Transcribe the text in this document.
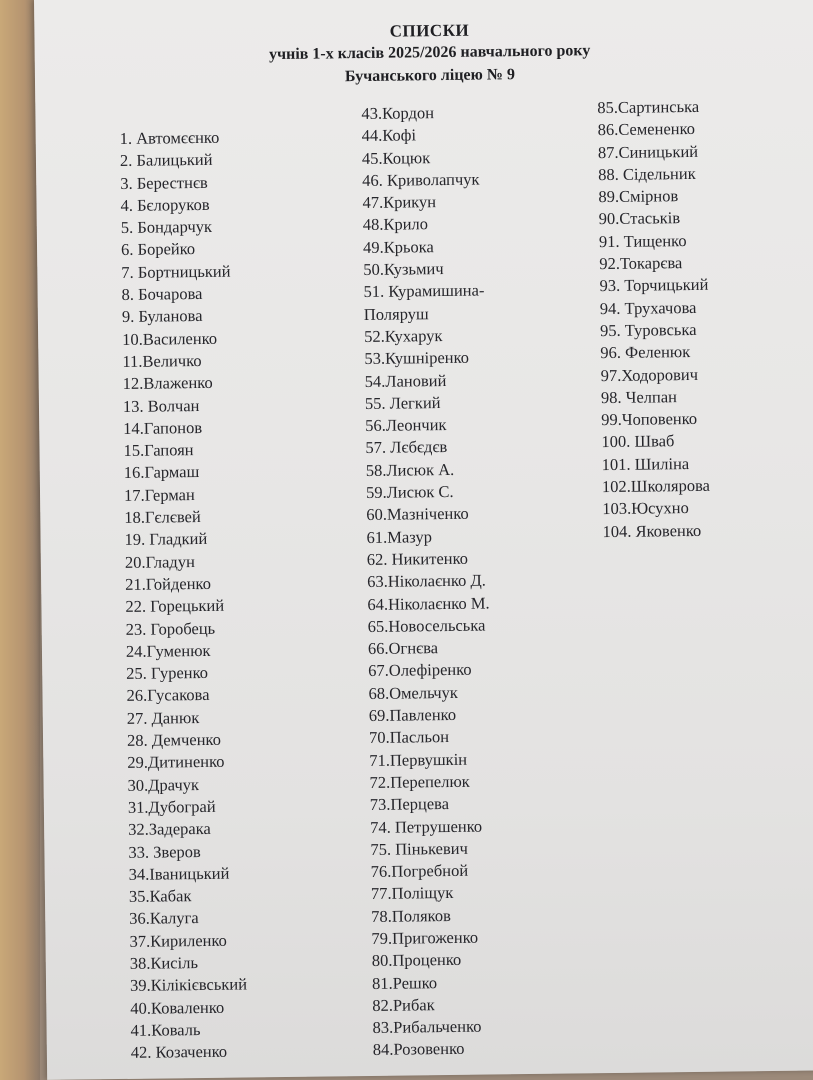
СПИСКИ
учнів 1-х класів 2025/2026 навчального року
Бучанського ліцею № 9
1. Автомєєнко
2. Балицький
3. Берестнєв
4. Бєлоруков
5. Бондарчук
6. Борейко
7. Бортницький
8. Бочарова
9. Буланова
10.Василенко
11.Величко
12.Влаженко
13. Волчан
14.Гапонов
15.Гапоян
16.Гармаш
17.Герман
18.Гєлєвей
19. Гладкий
20.Гладун
21.Гойденко
22. Горецький
23. Горобець
24.Гуменюк
25. Гуренко
26.Гусакова
27. Данюк
28. Демченко
29.Дитиненко
30.Драчук
31.Дубограй
32.Задерака
33. Зверов
34.Іваницький
35.Кабак
36.Калуга
37.Кириленко
38.Кисіль
39.Кілікієвський
40.Коваленко
41.Коваль
42. Козаченко
43.Кордон
44.Кофі
45.Коцюк
46. Криволапчук
47.Крикун
48.Крило
49.Крьока
50.Кузьмич
51. Курамишина-
Поляруш
52.Кухарук
53.Кушніренко
54.Лановий
55. Легкий
56.Леончик
57. Лєбєдєв
58.Лисюк А.
59.Лисюк С.
60.Мазніченко
61.Мазур
62. Никитенко
63.Ніколаєнко Д.
64.Ніколаєнко М.
65.Новосельська
66.Огнєва
67.Олефіренко
68.Омельчук
69.Павленко
70.Пасльон
71.Первушкін
72.Перепелюк
73.Перцева
74. Петрушенко
75. Пінькевич
76.Погребной
77.Поліщук
78.Поляков
79.Пригоженко
80.Проценко
81.Решко
82.Рибак
83.Рибальченко
84.Розовенко
85.Сартинська
86.Семененко
87.Синицький
88. Сідельник
89.Смірнов
90.Стаськів
91. Тищенко
92.Токарєва
93. Торчицький
94. Трухачова
95. Туровська
96. Феленюк
97.Ходорович
98. Челпан
99.Чоповенко
100. Шваб
101. Шиліна
102.Школярова
103.Юсухно
104. Яковенко
